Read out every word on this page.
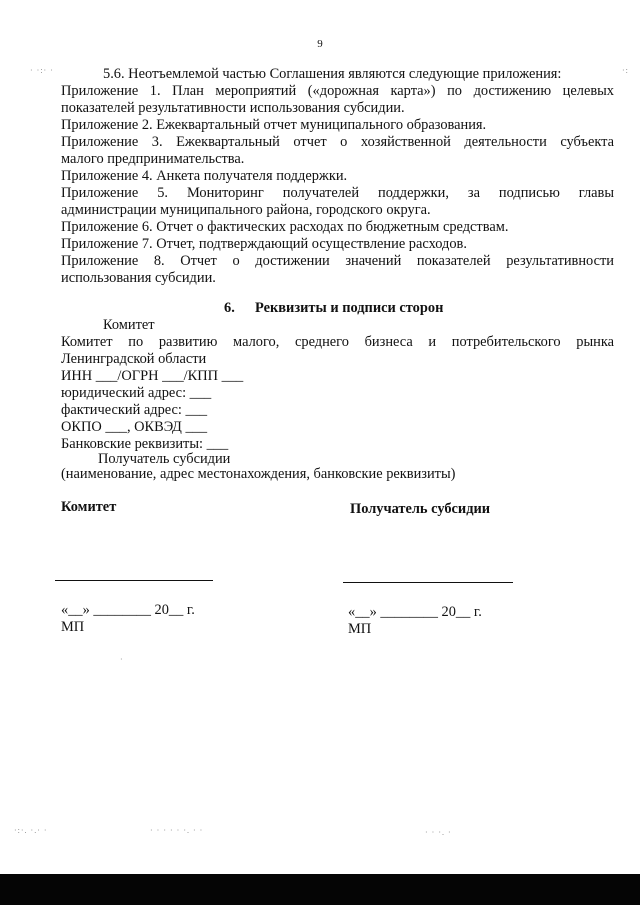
9
· ·:· ·	·:
5.6. Неотъемлемой частью Соглашения являются следующие приложения:
Приложение 1. План мероприятий («дорожная карта») по достижению целевых
показателей результативности использования субсидии.
Приложение 2. Ежеквартальный отчет муниципального образования.
Приложение 3. Ежеквартальный отчет о хозяйственной деятельности субъекта
малого предпринимательства.
Приложение 4. Анкета получателя поддержки.
Приложение 5. Мониторинг получателей поддержки, за подписью главы
администрации муниципального района, городского округа.
Приложение 6. Отчет о фактических расходах по бюджетным средствам.
Приложение 7. Отчет, подтверждающий осуществление расходов.
Приложение 8. Отчет о достижении значений показателей результативности
использования субсидии.
6. Реквизиты и подписи сторон
Комитет
Комитет по развитию малого, среднего бизнеса и потребительского рынка
Ленинградской области
ИНН ___/ОГРН ___/КПП ___
юридический адрес: ___
фактический адрес: ___
ОКПО ___, ОКВЭД ___
Банковские реквизиты: ___
Получатель субсидии
(наименование, адрес местонахождения, банковские реквизиты)
Комитет	Получатель субсидии
«__» ________ 20__ г.	«__» ________ 20__ г.
МП	МП
·
·:·. ·.· ·	· · · · · ·. · ·	· · ·. ·
